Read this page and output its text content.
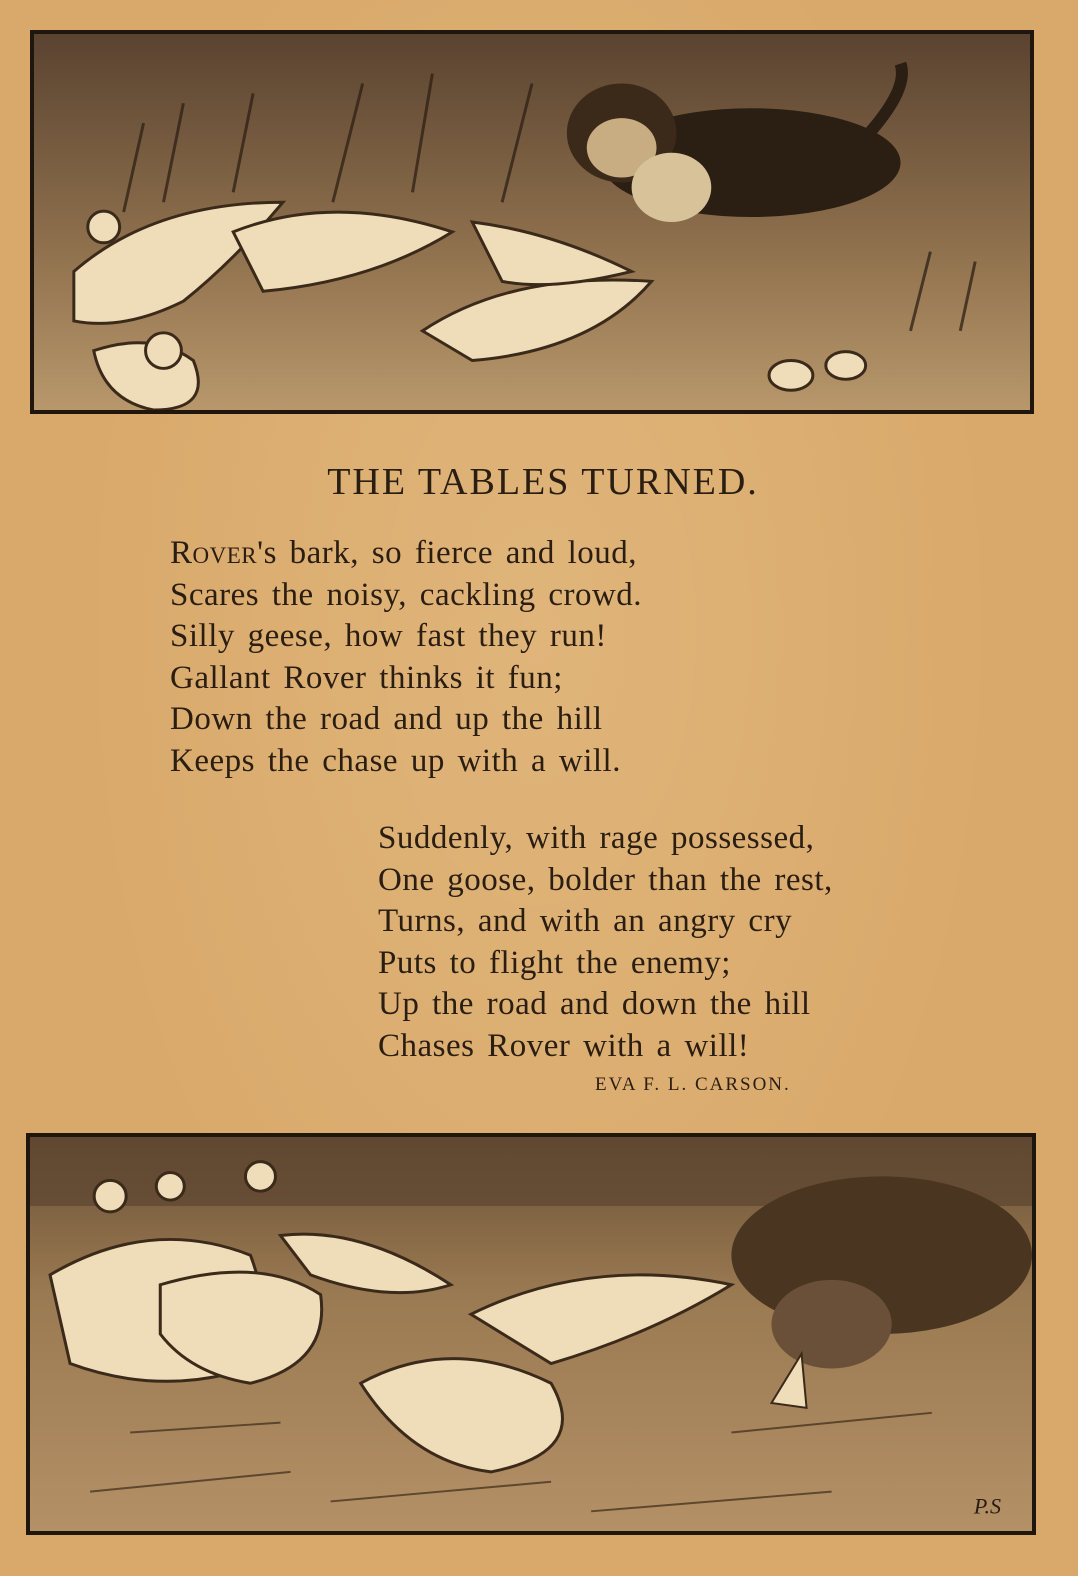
THE TABLES TURNED.
Rover's bark, so fierce and loud,
Scares the noisy, cackling crowd.
Silly geese, how fast they run!
Gallant Rover thinks it fun;
Down the road and up the hill
Keeps the chase up with a will.
Suddenly, with rage possessed,
One goose, bolder than the rest,
Turns, and with an angry cry
Puts to flight the enemy;
Up the road and down the hill
Chases Rover with a will!
EVA F. L. CARSON.
P.S
